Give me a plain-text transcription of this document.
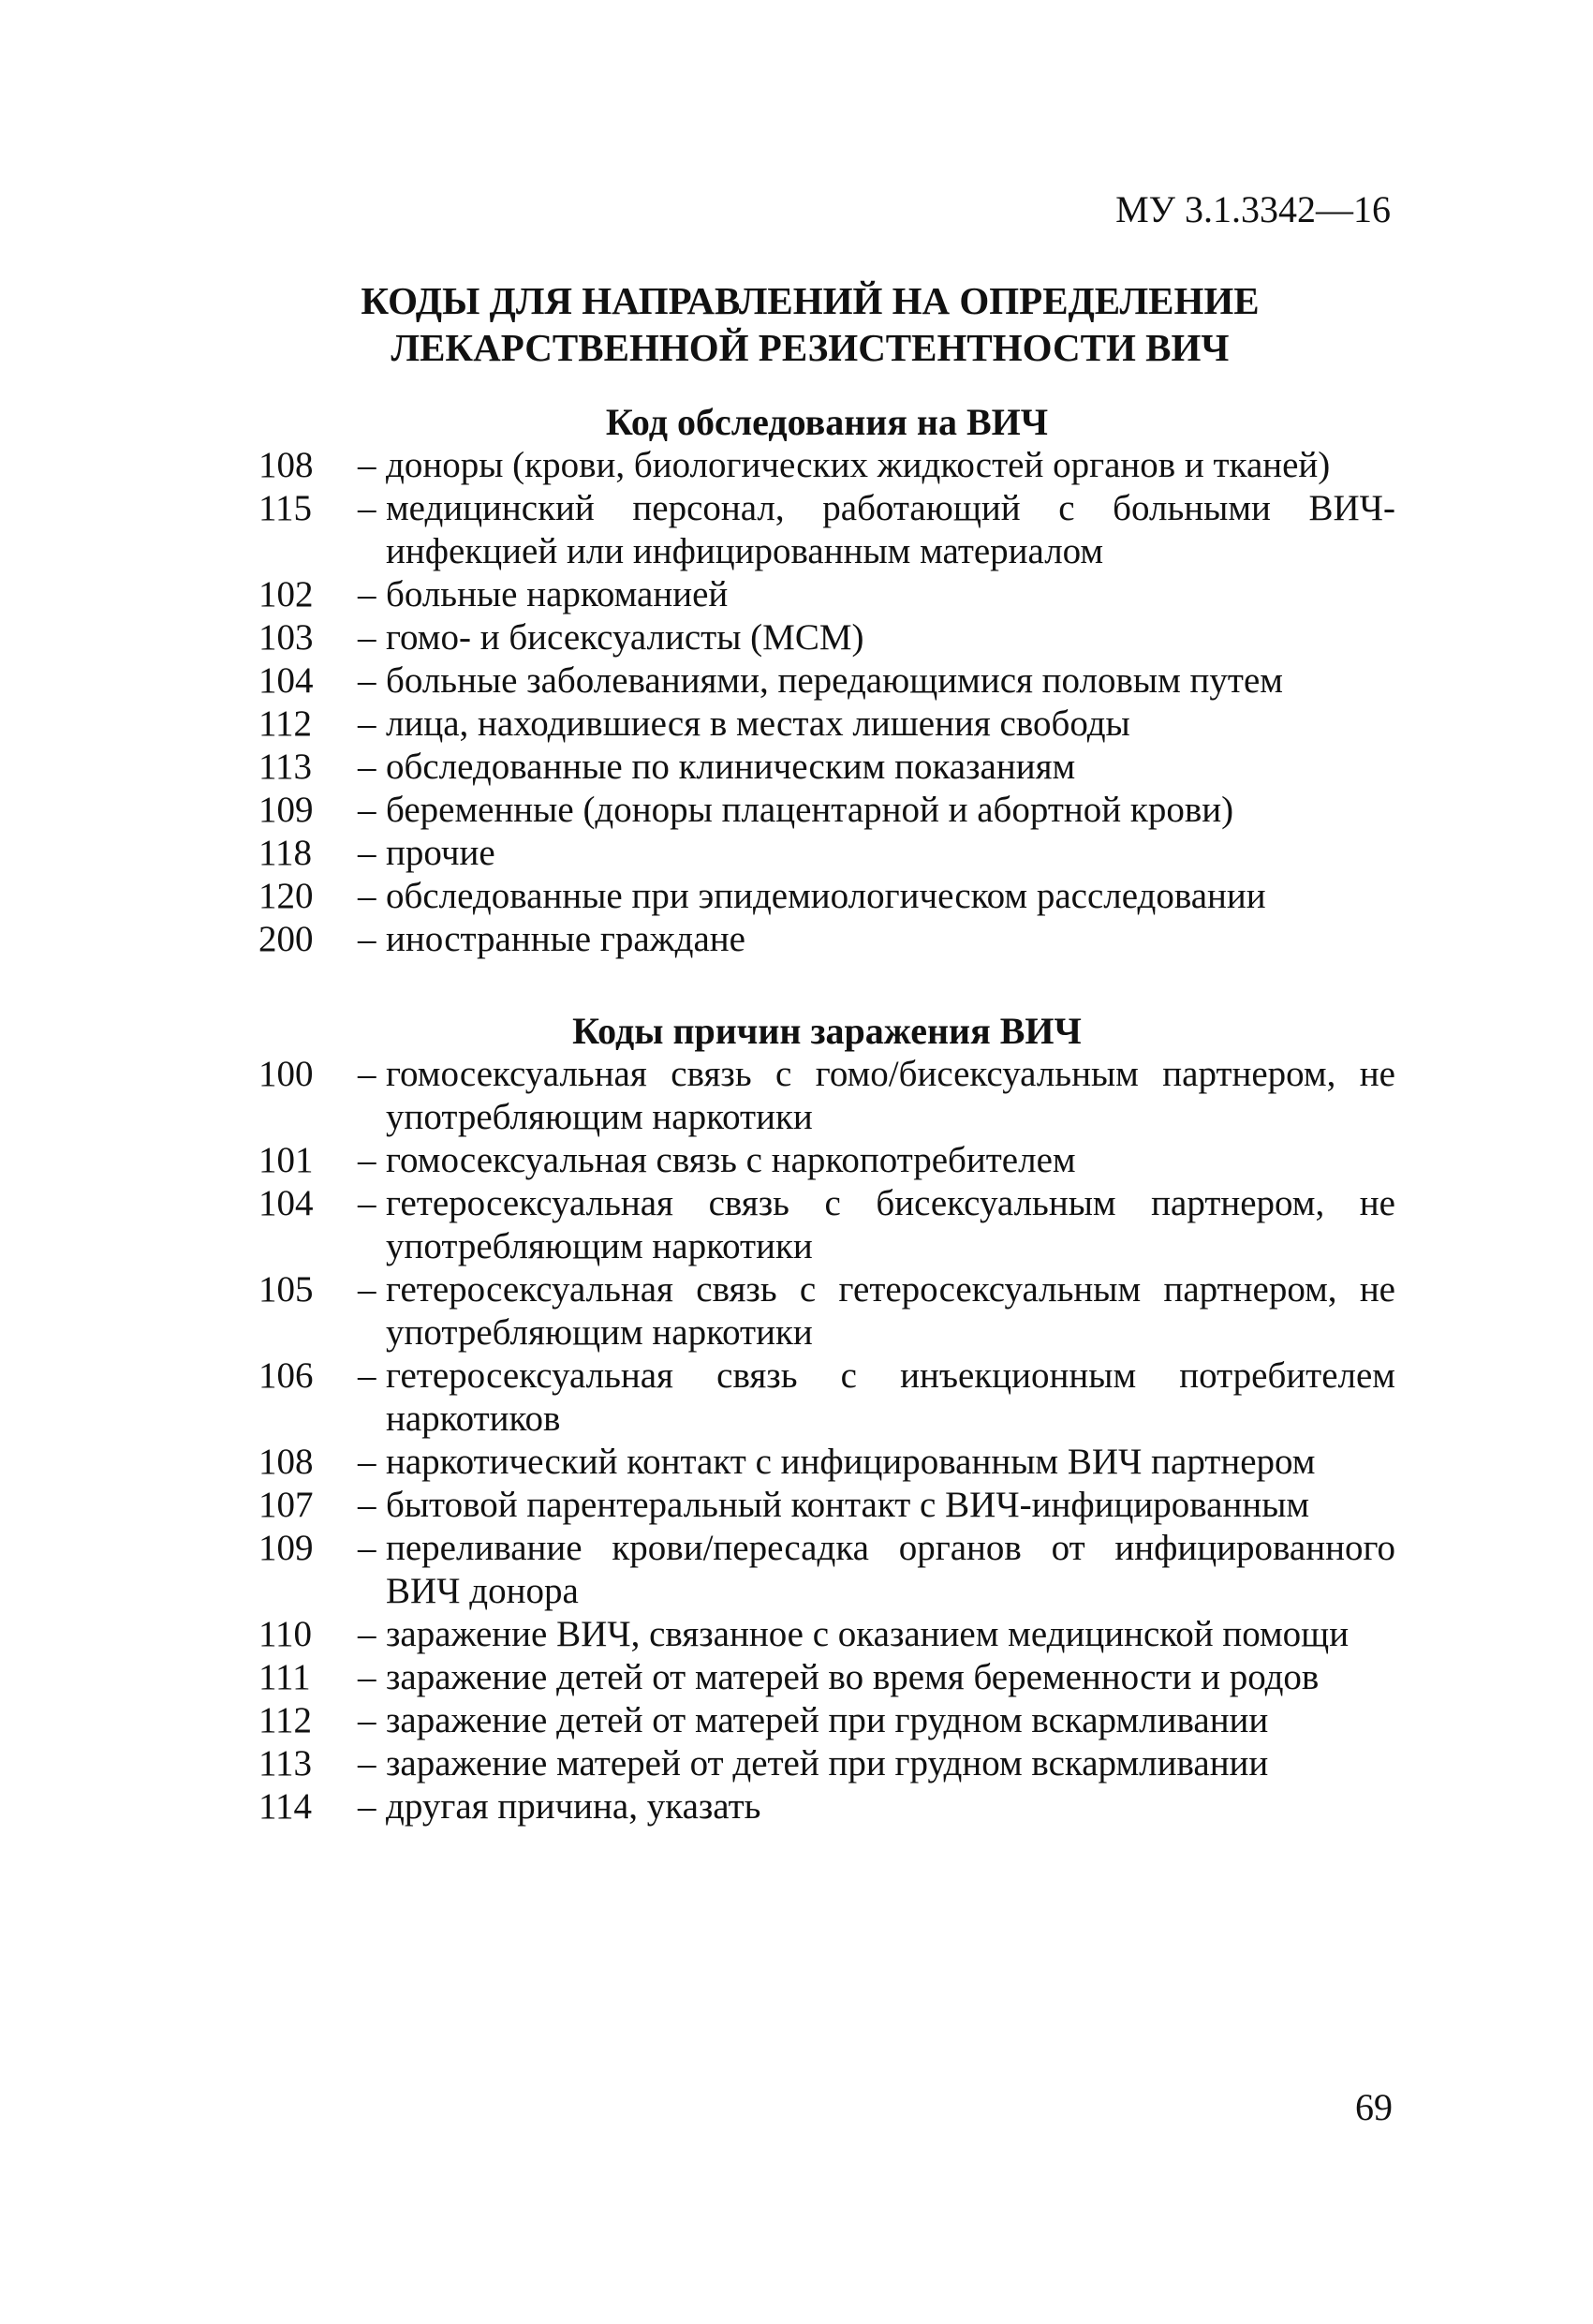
МУ 3.1.3342—16
КОДЫ ДЛЯ НАПРАВЛЕНИЙ НА ОПРЕДЕЛЕНИЕ
ЛЕКАРСТВЕННОЙ РЕЗИСТЕНТНОСТИ ВИЧ
Код обследования на ВИЧ
108	– доноры (крови, биологических жидкостей органов и тканей)
115	– медицинский персонал, работающий с больными ВИЧ-инфекцией или инфицированным материалом
102	– больные наркоманией
103	– гомо- и бисексуалисты (МСМ)
104	– больные заболеваниями, передающимися половым путем
112	– лица, находившиеся в местах лишения свободы
113	– обследованные по клиническим показаниям
109	– беременные (доноры плацентарной и абортной крови)
118	– прочие
120	– обследованные при эпидемиологическом расследовании
200	– иностранные граждане
Коды причин заражения ВИЧ
100	– гомосексуальная связь с гомо/бисексуальным партнером, не употребляющим наркотики
101	– гомосексуальная связь с наркопотребителем
104	– гетеросексуальная связь с бисексуальным партнером, не употребляющим наркотики
105	– гетеросексуальная связь с гетеросексуальным партнером, не употребляющим наркотики
106	– гетеросексуальная связь с инъекционным потребителем наркотиков
108	– наркотический контакт с инфицированным ВИЧ партнером
107	– бытовой парентеральный контакт с ВИЧ-инфицированным
109	– переливание крови/пересадка органов от инфицированного ВИЧ донора
110	– заражение ВИЧ, связанное с оказанием медицинской помощи
111	– заражение детей от матерей во время беременности и родов
112	– заражение детей от матерей при грудном вскармливании
113	– заражение матерей от детей при грудном вскармливании
114	– другая причина, указать
69
